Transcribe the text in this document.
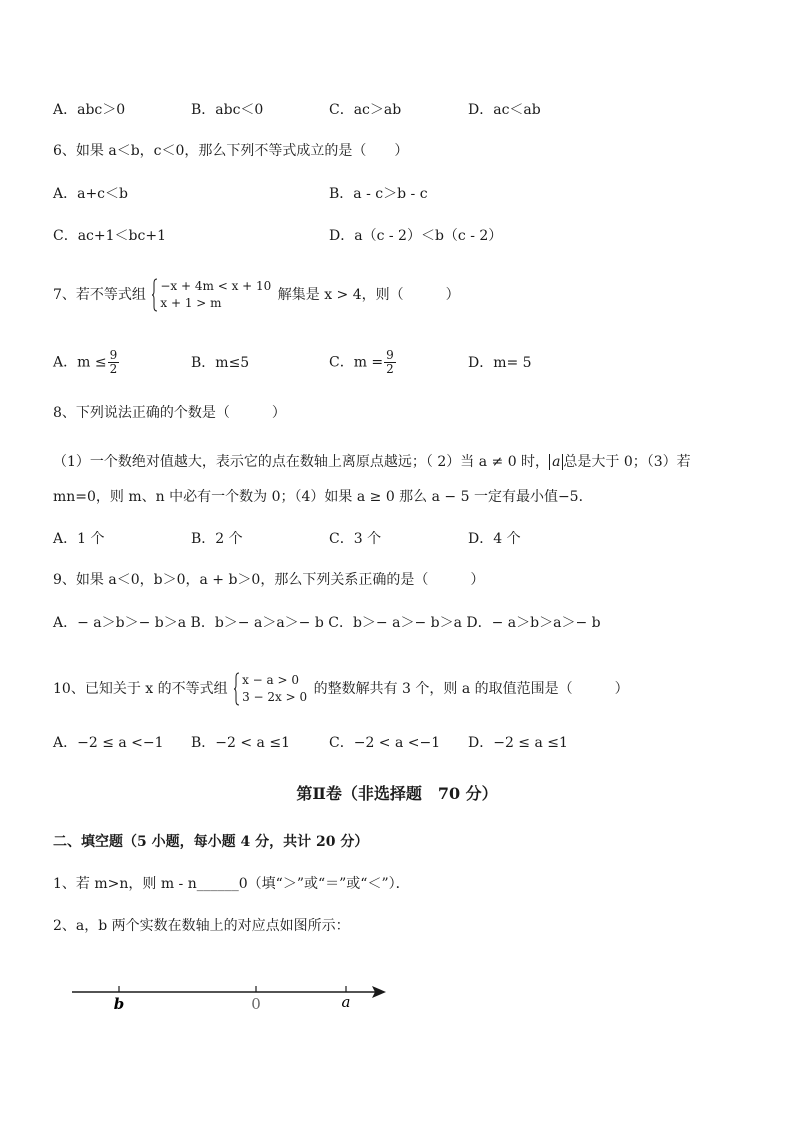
A．abc＞0	B．abc＜0	C．ac＞ab	D．ac＜ab
6、如果 a＜b，c＜0，那么下列不等式成立的是（　　）
A．a+c＜b	B．a - c＞b - c
C．ac+1＜bc+1	D．a（c - 2）＜b（c - 2）
7、若不等式组
−x + 4m < x + 10
x + 1 > m	解集是 x > 4，则（　　　）
A．$m \le \frac{9}{2}$	B．m≤5	C．$m = \frac{9}{2}$	D．m= 5
8、下列说法正确的个数是（　　　）
（1）一个数绝对值越大，表示它的点在数轴上离原点越远；（ 2）当 a ≠ 0 时， a 总是大于 0；（3）若
mn=0，则 m、n 中必有一个数为 0；（4）如果 a ≥ 0 那么 a − 5 一定有最小值−5．
A．1 个	B．2 个	C．3 个	D．4 个
9、如果 a＜0，b＞0，a + b＞0，那么下列关系正确的是（　　　）
A．− a＞b＞− b＞a B．b＞− a＞a＞− b C．b＞− a＞− b＞a D．− a＞b＞a＞− b
10、已知关于 x 的不等式组
x − a > 0
3 − 2x > 0 的整数解共有 3 个，则 a 的取值范围是（　　　）
A．−2 ≤ a <−1 B．−2 < a ≤1	C．−2 < a <−1 D．−2 ≤ a ≤1
第Ⅱ卷（非选择题　70 分）
二、填空题（5 小题，每小题 4 分，共计 20 分）
1、若 m>n，则 m - n______0（填“＞”或“＝”或“＜”）．
2、a，b 两个实数在数轴上的对应点如图所示：
b	0	a
